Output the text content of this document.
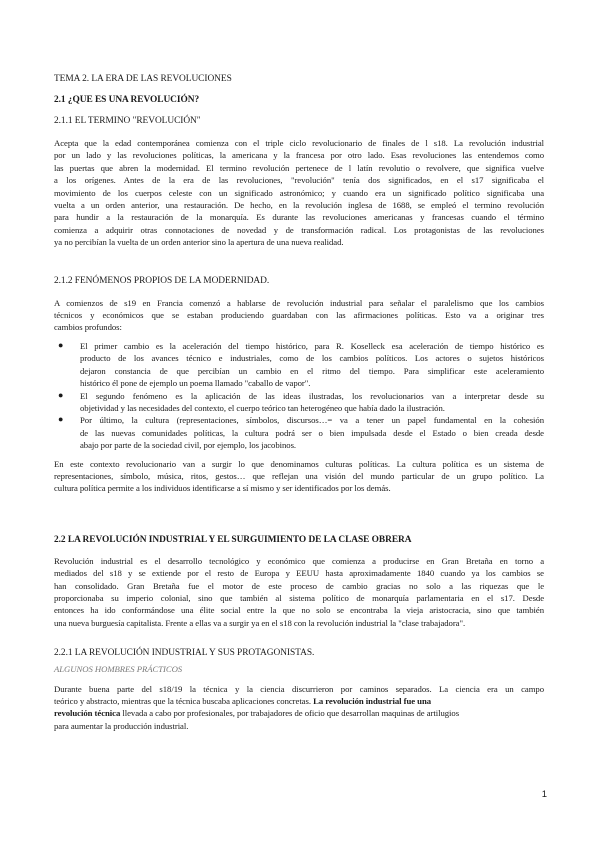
TEMA 2. LA ERA DE LAS REVOLUCIONES
2.1 ¿QUE ES UNA REVOLUCIÓN?
2.1.1 EL TERMINO "REVOLUCIÓN"
Acepta que la edad contemporánea comienza con el triple ciclo revolucionario de finales de l s18. La revolución industrial
por un lado y las revoluciones políticas, la americana y la francesa por otro lado. Esas revoluciones las entendemos como
las puertas que abren la modernidad. El termino revolución pertenece de l latín revolutio o revolvere, que significa vuelve
a los orígenes. Antes de la era de las revoluciones, "revolución" tenía dos significados, en el s17 significaba el
movimiento de los cuerpos celeste con un significado astronómico; y cuando era un significado político significaba una
vuelta a un orden anterior, una restauración. De hecho, en la revolución inglesa de 1688, se empleó el termino revolución
para hundir a la restauración de la monarquía. Es durante las revoluciones americanas y francesas cuando el término
comienza a adquirir otras connotaciones de novedad y de transformación radical. Los protagonistas de las revoluciones
ya no percibían la vuelta de un orden anterior sino la apertura de una nueva realidad.
2.1.2 FENÓMENOS PROPIOS DE LA MODERNIDAD.
A comienzos de s19 en Francia comenzó a hablarse de revolución industrial para señalar el paralelismo que los cambios
técnicos y económicos que se estaban produciendo guardaban con las afirmaciones políticas. Esto va a originar tres
cambios profundos:
● El primer cambio es la aceleración del tiempo histórico, para R. Koselleck esa aceleración de tiempo histórico es
producto de los avances técnico e industriales, como de los cambios políticos. Los actores o sujetos históricos
dejaron constancia de que percibían un cambio en el ritmo del tiempo. Para simplificar este aceleramiento
histórico él pone de ejemplo un poema llamado "caballo de vapor".
● El segundo fenómeno es la aplicación de las ideas ilustradas, los revolucionarios van a interpretar desde su
objetividad y las necesidades del contexto, el cuerpo teórico tan heterogéneo que había dado la ilustración.
● Por último, la cultura (representaciones, símbolos, discursos…= va a tener un papel fundamental en la cohesión
de las nuevas comunidades políticas, la cultura podrá ser o bien impulsada desde el Estado o bien creada desde
abajo por parte de la sociedad civil, por ejemplo, los jacobinos.
En este contexto revolucionario van a surgir lo que denominamos culturas políticas. La cultura política es un sistema de
representaciones, símbolo, música, ritos, gestos… que reflejan una visión del mundo particular de un grupo político. La
cultura política permite a los individuos identificarse a sí mismo y ser identificados por los demás.
2.2 LA REVOLUCIÓN INDUSTRIAL Y EL SURGUIMIENTO DE LA CLASE OBRERA
Revolución industrial es el desarrollo tecnológico y económico que comienza a producirse en Gran Bretaña en torno a
mediados del s18 y se extiende por el resto de Europa y EEUU hasta aproximadamente 1840 cuando ya los cambios se
han consolidado. Gran Bretaña fue el motor de este proceso de cambio gracias no solo a las riquezas que le
proporcionaba su imperio colonial, sino que también al sistema político de monarquía parlamentaria en el s17. Desde
entonces ha ido conformándose una élite social entre la que no solo se encontraba la vieja aristocracia, sino que también
una nueva burguesía capitalista. Frente a ellas va a surgir ya en el s18 con la revolución industrial la "clase trabajadora".
2.2.1 LA REVOLUCIÓN INDUSTRIAL Y SUS PROTAGONISTAS.
ALGUNOS HOMBRES PRÁCTICOS
Durante buena parte del s18/19 la técnica y la ciencia discurrieron por caminos separados. La ciencia era un campo
teórico y abstracto, mientras que la técnica buscaba aplicaciones concretas. La revolución industrial fue una
revolución técnica llevada a cabo por profesionales, por trabajadores de oficio que desarrollan maquinas de artilugios
para aumentar la producción industrial.
1
